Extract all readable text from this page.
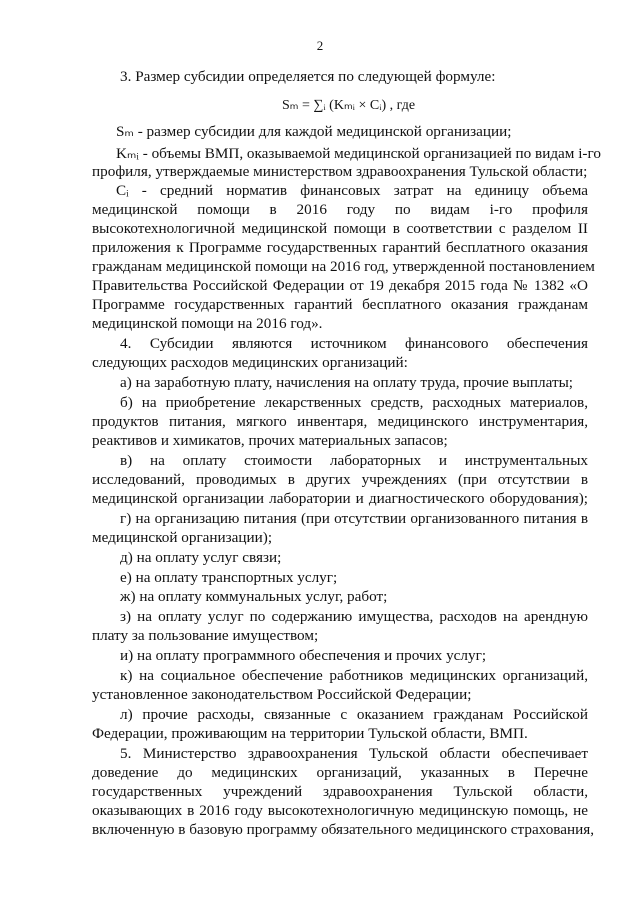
2
3. Размер субсидии определяется по следующей формуле:
Sₘ = ∑ᵢ (Kₘᵢ × Cᵢ) , где
Sₘ - размер субсидии для каждой медицинской организации;
Kₘᵢ - объемы ВМП, оказываемой медицинской организацией по видам i-го
профиля, утверждаемые министерством здравоохранения Тульской области;
Cᵢ - средний норматив финансовых затрат на единицу объема
медицинской помощи в 2016 году по видам i-го профиля
высокотехнологичной медицинской помощи в соответствии с разделом II
приложения к Программе государственных гарантий бесплатного оказания
гражданам медицинской помощи на 2016 год, утвержденной постановлением
Правительства Российской Федерации от 19 декабря 2015 года № 1382 «О
Программе государственных гарантий бесплатного оказания гражданам
медицинской помощи на 2016 год».
4. Субсидии являются источником финансового обеспечения
следующих расходов медицинских организаций:
а) на заработную плату, начисления на оплату труда, прочие выплаты;
б) на приобретение лекарственных средств, расходных материалов,
продуктов питания, мягкого инвентаря, медицинского инструментария,
реактивов и химикатов, прочих материальных запасов;
в) на оплату стоимости лабораторных и инструментальных
исследований, проводимых в других учреждениях (при отсутствии в
медицинской организации лаборатории и диагностического оборудования);
г) на организацию питания (при отсутствии организованного питания в
медицинской организации);
д) на оплату услуг связи;
е) на оплату транспортных услуг;
ж) на оплату коммунальных услуг, работ;
з) на оплату услуг по содержанию имущества, расходов на арендную
плату за пользование имуществом;
и) на оплату программного обеспечения и прочих услуг;
к) на социальное обеспечение работников медицинских организаций,
установленное законодательством Российской Федерации;
л) прочие расходы, связанные с оказанием гражданам Российской
Федерации, проживающим на территории Тульской области, ВМП.
5. Министерство здравоохранения Тульской области обеспечивает
доведение до медицинских организаций, указанных в Перечне
государственных учреждений здравоохранения Тульской области,
оказывающих в 2016 году высокотехнологичную медицинскую помощь, не
включенную в базовую программу обязательного медицинского страхования,
